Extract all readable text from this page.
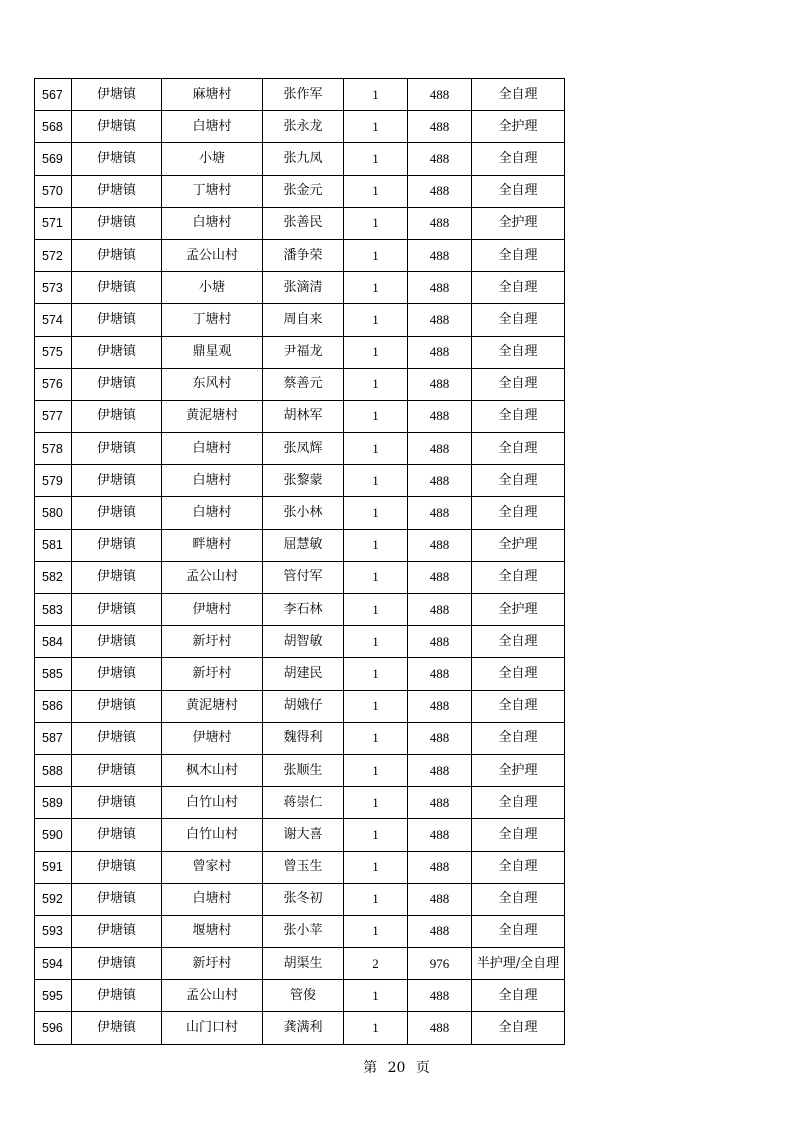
567	伊塘镇	麻塘村	张作军	1	488	全自理
568	伊塘镇	白塘村	张永龙	1	488	全护理
569	伊塘镇	小塘	张九凤	1	488	全自理
570	伊塘镇	丁塘村	张金元	1	488	全自理
571	伊塘镇	白塘村	张善民	1	488	全护理
572	伊塘镇	孟公山村	潘争荣	1	488	全自理
573	伊塘镇	小塘	张滴清	1	488	全自理
574	伊塘镇	丁塘村	周自来	1	488	全自理
575	伊塘镇	鼎星观	尹福龙	1	488	全自理
576	伊塘镇	东风村	蔡善元	1	488	全自理
577	伊塘镇	黄泥塘村	胡林军	1	488	全自理
578	伊塘镇	白塘村	张凤辉	1	488	全自理
579	伊塘镇	白塘村	张黎蒙	1	488	全自理
580	伊塘镇	白塘村	张小林	1	488	全自理
581	伊塘镇	畔塘村	屈慧敏	1	488	全护理
582	伊塘镇	孟公山村	管付军	1	488	全自理
583	伊塘镇	伊塘村	李石林	1	488	全护理
584	伊塘镇	新圩村	胡智敏	1	488	全自理
585	伊塘镇	新圩村	胡建民	1	488	全自理
586	伊塘镇	黄泥塘村	胡娥仔	1	488	全自理
587	伊塘镇	伊塘村	魏得利	1	488	全自理
588	伊塘镇	枫木山村	张顺生	1	488	全护理
589	伊塘镇	白竹山村	蒋崇仁	1	488	全自理
590	伊塘镇	白竹山村	谢大喜	1	488	全自理
591	伊塘镇	曾家村	曾玉生	1	488	全自理
592	伊塘镇	白塘村	张冬初	1	488	全自理
593	伊塘镇	堰塘村	张小苹	1	488	全自理
594	伊塘镇	新圩村	胡渠生	2	976	半护理/全自理
595	伊塘镇	孟公山村	管俊	1	488	全自理
596	伊塘镇	山门口村	龚满利	1	488	全自理
第 20 页
